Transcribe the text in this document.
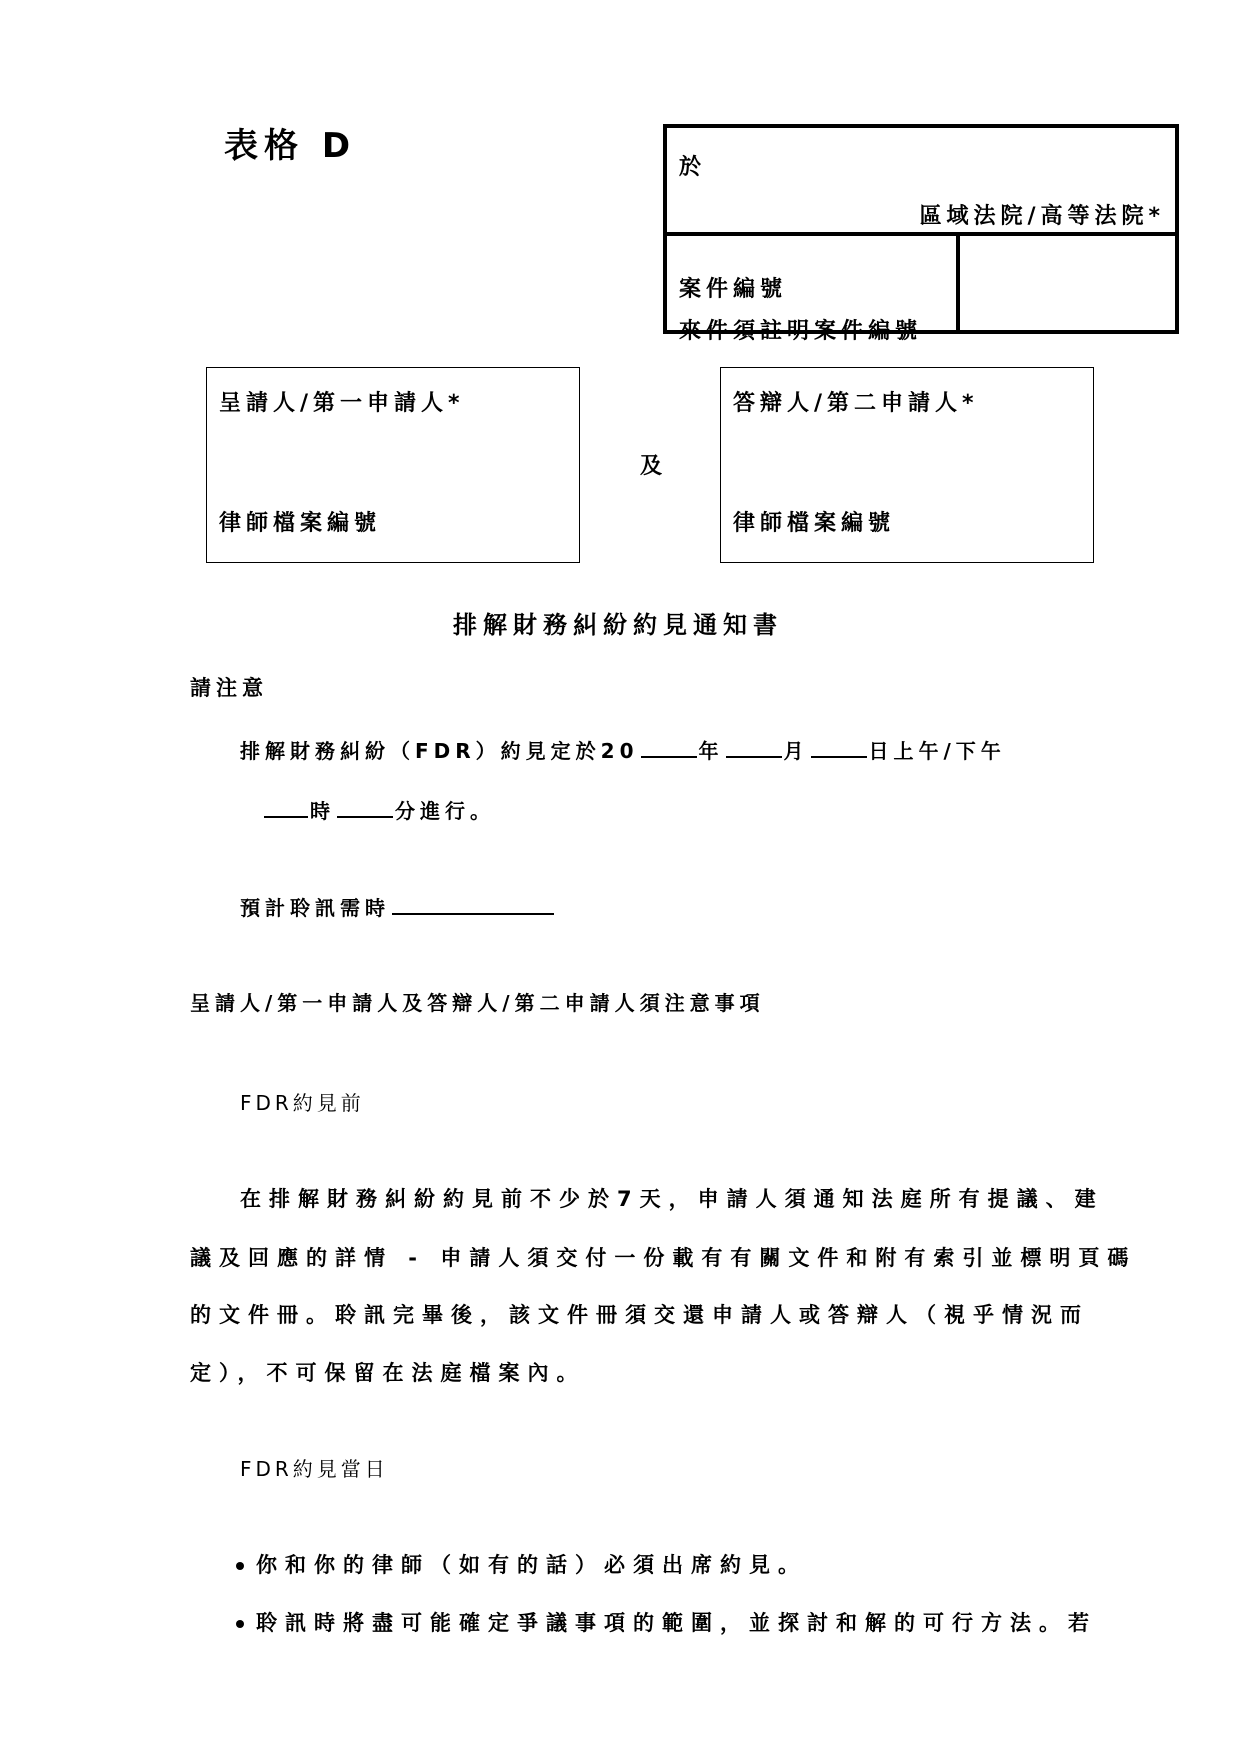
表格 D
於
區域法院/高等法院*
案件編號
來件須註明案件編號
呈請人/第一申請人*
律師檔案編號
及
答辯人/第二申請人*
律師檔案編號
排解財務糾紛約見通知書
請注意
排解財務糾紛（FDR）約見定於20	年	月	日上午/下午
時	分進行。
預計聆訊需時
呈請人/第一申請人及答辯人/第二申請人須注意事項
FDR約見前
在排解財務糾紛約見前不少於7天，申請人須通知法庭所有提議、建
議及回應的詳情 - 申請人須交付一份載有有關文件和附有索引並標明頁碼
的文件冊。聆訊完畢後，該文件冊須交還申請人或答辯人（視乎情況而
定），不可保留在法庭檔案內。
FDR約見當日
你和你的律師（如有的話）必須出席約見。
聆訊時將盡可能確定爭議事項的範圍，並探討和解的可行方法。若
